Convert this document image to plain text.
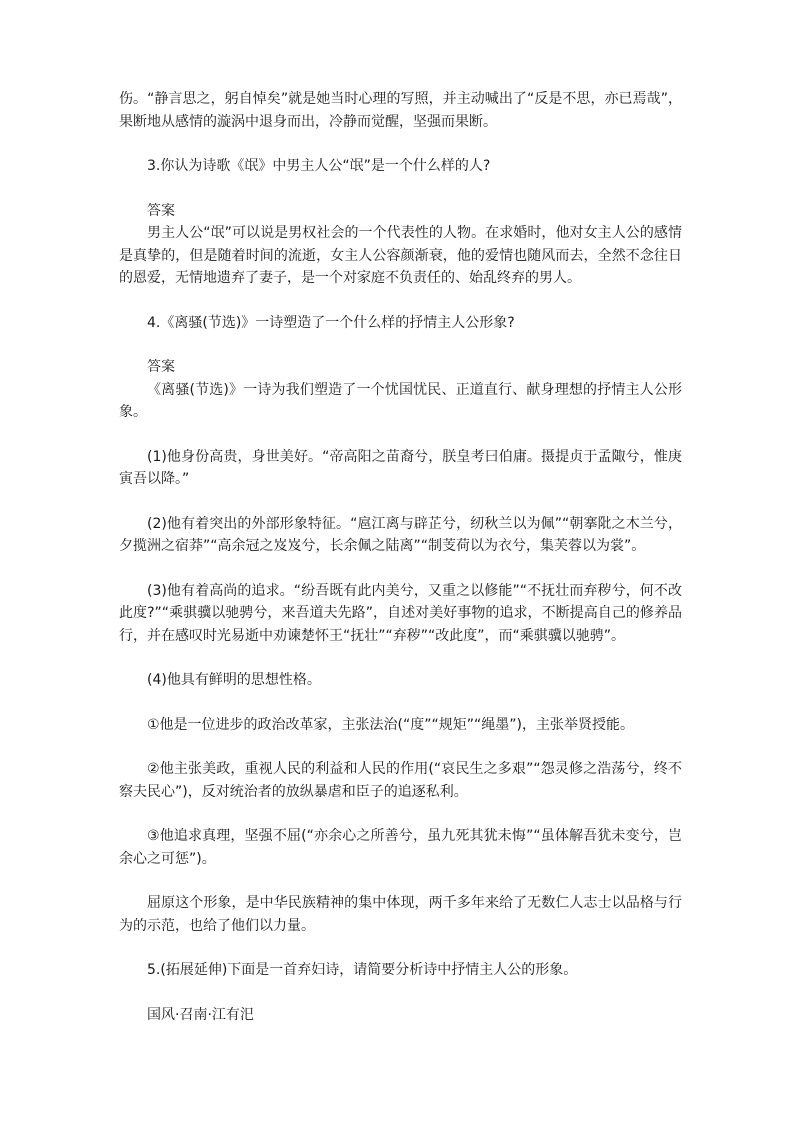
伤。“静言思之，躬自悼矣”就是她当时心理的写照，并主动喊出了“反是不思，亦已焉哉”，果断地从感情的漩涡中退身而出，冷静而觉醒，坚强而果断。

3.你认为诗歌《氓》中男主人公“氓”是一个什么样的人?

答案

男主人公“氓”可以说是男权社会的一个代表性的人物。在求婚时，他对女主人公的感情是真挚的，但是随着时间的流逝，女主人公容颜渐衰，他的爱情也随风而去，全然不念往日的恩爱，无情地遗弃了妻子，是一个对家庭不负责任的、始乱终弃的男人。

4.《离骚(节选)》一诗塑造了一个什么样的抒情主人公形象?

答案

《离骚(节选)》一诗为我们塑造了一个忧国忧民、正道直行、献身理想的抒情主人公形象。

(1)他身份高贵，身世美好。“帝高阳之苗裔兮，朕皇考曰伯庸。摄提贞于孟陬兮，惟庚寅吾以降。”

(2)他有着突出的外部形象特征。“扈江离与辟芷兮，纫秋兰以为佩”“朝搴阰之木兰兮，夕揽洲之宿莽”“高余冠之岌岌兮，长余佩之陆离”“制芰荷以为衣兮，集芙蓉以为裳”。

(3)他有着高尚的追求。“纷吾既有此内美兮，又重之以修能”“不抚壮而弃秽兮，何不改此度?”“乘骐骥以驰骋兮，来吾道夫先路”，自述对美好事物的追求，不断提高自己的修养品行，并在感叹时光易逝中劝谏楚怀王“抚壮”“弃秽”“改此度”，而“乘骐骥以驰骋”。

(4)他具有鲜明的思想性格。

①他是一位进步的政治改革家，主张法治(“度”“规矩”“绳墨”)，主张举贤授能。

②他主张美政，重视人民的利益和人民的作用(“哀民生之多艰”“怨灵修之浩荡兮，终不察夫民心”)，反对统治者的放纵暴虐和臣子的追逐私利。

③他追求真理，坚强不屈(“亦余心之所善兮，虽九死其犹未悔”“虽体解吾犹未变兮，岂余心之可惩”)。

屈原这个形象，是中华民族精神的集中体现，两千多年来给了无数仁人志士以品格与行为的示范，也给了他们以力量。

5.(拓展延伸)下面是一首弃妇诗，请简要分析诗中抒情主人公的形象。

国风·召南·江有汜
